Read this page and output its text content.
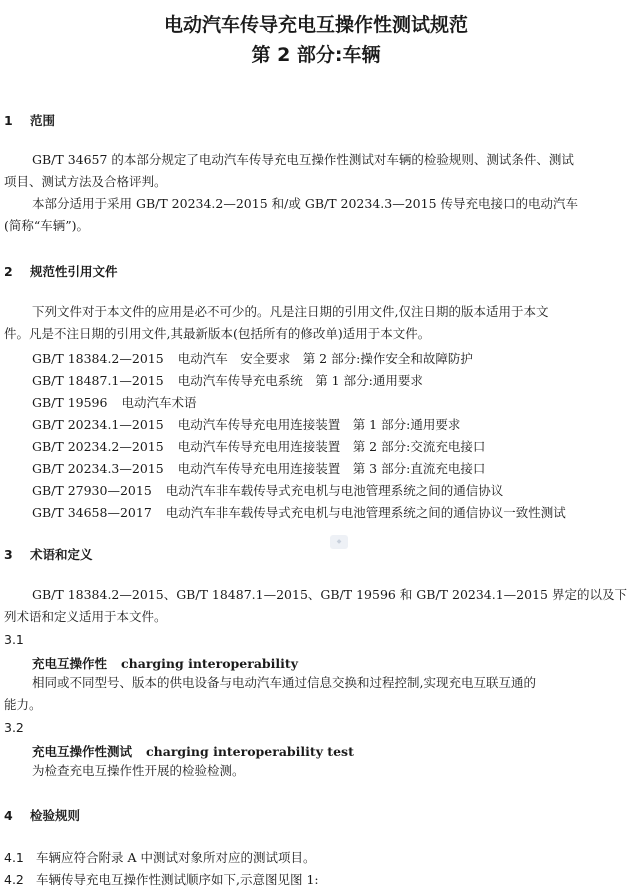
电动汽车传导充电互操作性测试规范
第 2 部分:车辆
1 范围
GB/T 34657 的本部分规定了电动汽车传导充电互操作性测试对车辆的检验规则、测试条件、测试
项目、测试方法及合格评判。
本部分适用于采用 GB/T 20234.2—2015 和/或 GB/T 20234.3—2015 传导充电接口的电动汽车
(简称“车辆”)。
2 规范性引用文件
下列文件对于本文件的应用是必不可少的。凡是注日期的引用文件,仅注日期的版本适用于本文
件。凡是不注日期的引用文件,其最新版本(包括所有的修改单)适用于本文件。
GB/T 18384.2—2015 电动汽车　安全要求　第 2 部分:操作安全和故障防护
GB/T 18487.1—2015 电动汽车传导充电系统　第 1 部分:通用要求
GB/T 19596 电动汽车术语
GB/T 20234.1—2015 电动汽车传导充电用连接装置　第 1 部分:通用要求
GB/T 20234.2—2015 电动汽车传导充电用连接装置　第 2 部分:交流充电接口
GB/T 20234.3—2015 电动汽车传导充电用连接装置　第 3 部分:直流充电接口
GB/T 27930—2015 电动汽车非车载传导式充电机与电池管理系统之间的通信协议
GB/T 34658—2017 电动汽车非车载传导式充电机与电池管理系统之间的通信协议一致性测试
◆
3 术语和定义
GB/T 18384.2—2015、GB/T 18487.1—2015、GB/T 19596 和 GB/T 20234.1—2015 界定的以及下
列术语和定义适用于本文件。
3.1
充电互操作性 charging interoperability
相同或不同型号、版本的供电设备与电动汽车通过信息交换和过程控制,实现充电互联互通的
能力。
3.2
充电互操作性测试 charging interoperability test
为检查充电互操作性开展的检验检测。
4 检验规则
4.1 车辆应符合附录 A 中测试对象所对应的测试项目。
4.2 车辆传导充电互操作性测试顺序如下,示意图见图 1:
